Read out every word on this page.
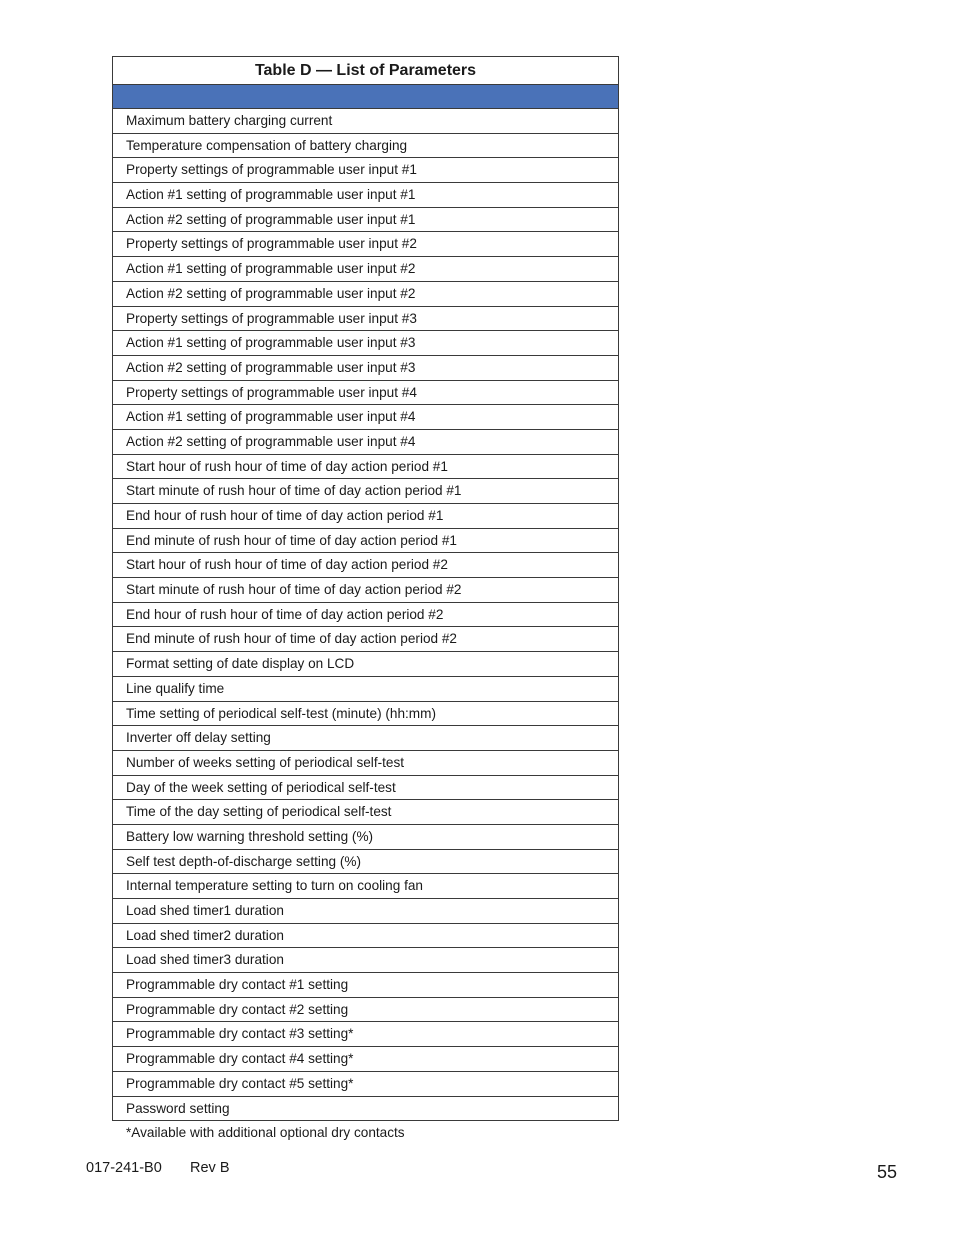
Table D — List of Parameters

Maximum battery charging current
Temperature compensation of battery charging
Property settings of programmable user input #1
Action #1 setting of programmable user input #1
Action #2 setting of programmable user input #1
Property settings of programmable user input #2
Action #1 setting of programmable user input #2
Action #2 setting of programmable user input #2
Property settings of programmable user input #3
Action #1 setting of programmable user input #3
Action #2 setting of programmable user input #3
Property settings of programmable user input #4
Action #1 setting of programmable user input #4
Action #2 setting of programmable user input #4
Start hour of rush hour of time of day action period #1
Start minute of rush hour of time of day action period #1
End hour of rush hour of time of day action period #1
End minute of rush hour of time of day action period #1
Start hour of rush hour of time of day action period #2
Start minute of rush hour of time of day action period #2
End hour of rush hour of time of day action period #2
End minute of rush hour of time of day action period #2
Format setting of date display on LCD
Line qualify time
Time setting of periodical self-test (minute) (hh:mm)
Inverter off delay setting
Number of weeks setting of periodical self-test
Day of the week setting of periodical self-test
Time of the day setting of periodical self-test
Battery low warning threshold setting (%)
Self test depth-of-discharge setting (%)
Internal temperature setting to turn on cooling fan
Load shed timer1 duration
Load shed timer2 duration
Load shed timer3 duration
Programmable dry contact #1 setting
Programmable dry contact #2 setting
Programmable dry contact #3 setting*
Programmable dry contact #4 setting*
Programmable dry contact #5 setting*
Password setting
*Available with additional optional dry contacts
017-241-B0 Rev B	55
